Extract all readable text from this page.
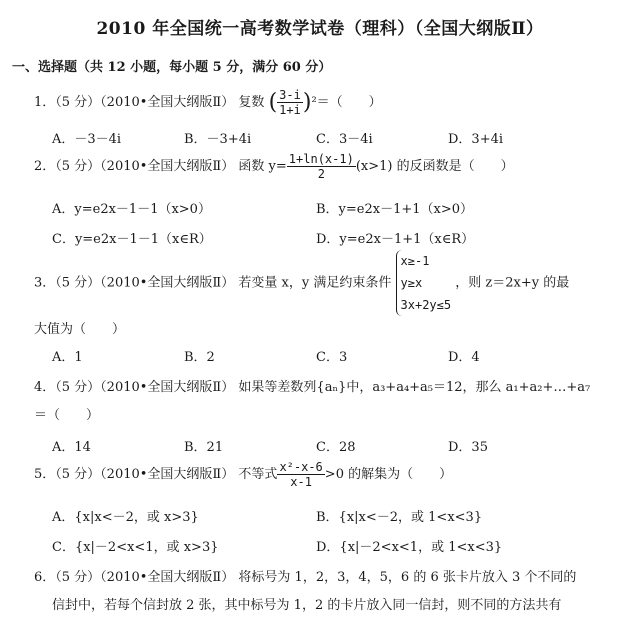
2010 年全国统一高考数学试卷（理科）（全国大纲版Ⅱ）
一、选择题（共 12 小题，每小题 5 分，满分 60 分）
1．（5 分）（2010•全国大纲版Ⅱ） 复数 ( $\frac{3-i}{1+i} )^2=$（　　）
A．－3－4i	B．－3+4i	C．3－4i	D．3+4i
2．（5 分）（2010•全国大纲版Ⅱ） 函数 $y= \frac{1+\ln(x-1)}{2} (x>1)$ 的反函数是（　　）
A．y=e2x－1－1（x>0）	B．y=e2x－1+1（x>0）
C．y=e2x－1－1（x∈R）	D．y=e2x－1+1（x∈R）
3．（5 分）（2010•全国大纲版Ⅱ） 若变量 x，y 满足约束条件
x≥-1
y≥x
3x+2y≤5
，则 z＝2x+y 的最
大值为（　　）
A．1	B．2	C．3	D．4
4．（5 分）（2010•全国大纲版Ⅱ） 如果等差数列{aₙ}中，a₃+a₄+a₅＝12，那么 a₁+a₂+…+a₇
＝（　　）
A．14	B．21	C．28	D．35
5．（5 分）（2010•全国大纲版Ⅱ） 不等式 $\frac{\text{x²-x-6}}{x-1} >0$ 的解集为（　　）
A．{x|x<－2，或 x>3}	B．{x|x<－2，或 1<x<3}
C．{x|－2<x<1，或 x>3}	D．{x|－2<x<1，或 1<x<3}
6．（5 分）（2010•全国大纲版Ⅱ） 将标号为 1，2，3，4，5，6 的 6 张卡片放入 3 个不同的
信封中，若每个信封放 2 张，其中标号为 1，2 的卡片放入同一信封，则不同的方法共有
